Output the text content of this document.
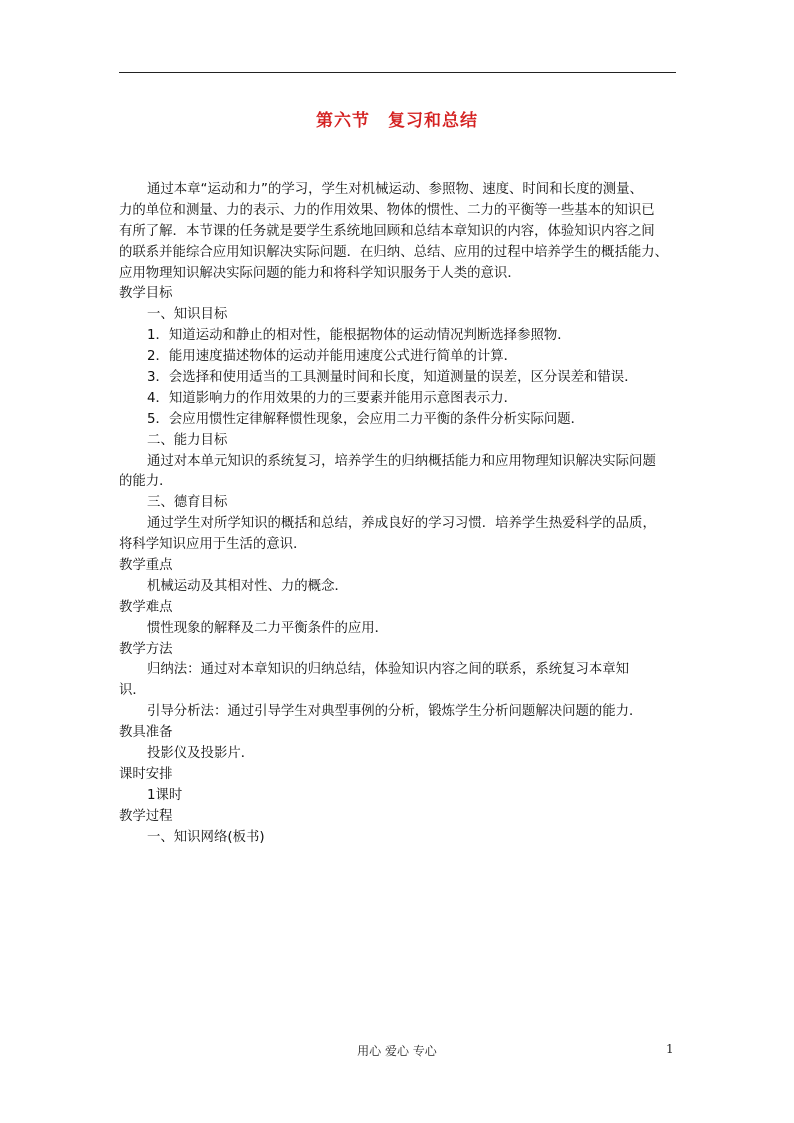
第六节　复习和总结
通过本章“运动和力”的学习，学生对机械运动、参照物、速度、时间和长度的测量、
力的单位和测量、力的表示、力的作用效果、物体的惯性、二力的平衡等一些基本的知识已
有所了解．本节课的任务就是要学生系统地回顾和总结本章知识的内容，体验知识内容之间
的联系并能综合应用知识解决实际问题．在归纳、总结、应用的过程中培养学生的概括能力、
应用物理知识解决实际问题的能力和将科学知识服务于人类的意识．
教学目标
一、知识目标
1．知道运动和静止的相对性，能根据物体的运动情况判断选择参照物．
2．能用速度描述物体的运动并能用速度公式进行简单的计算．
3．会选择和使用适当的工具测量时间和长度，知道测量的误差，区分误差和错误．
4．知道影响力的作用效果的力的三要素并能用示意图表示力．
5．会应用惯性定律解释惯性现象，会应用二力平衡的条件分析实际问题．
二、能力目标
通过对本单元知识的系统复习，培养学生的归纳概括能力和应用物理知识解决实际问题
的能力．
三、德育目标
通过学生对所学知识的概括和总结，养成良好的学习习惯．培养学生热爱科学的品质，
将科学知识应用于生活的意识．
教学重点
机械运动及其相对性、力的概念．
教学难点
惯性现象的解释及二力平衡条件的应用．
教学方法
归纳法：通过对本章知识的归纳总结，体验知识内容之间的联系，系统复习本章知
识．
引导分析法：通过引导学生对典型事例的分析，锻炼学生分析问题解决问题的能力．
教具准备
投影仪及投影片．
课时安排
1课时
教学过程
一、知识网络(板书)
用心 爱心 专心	1
